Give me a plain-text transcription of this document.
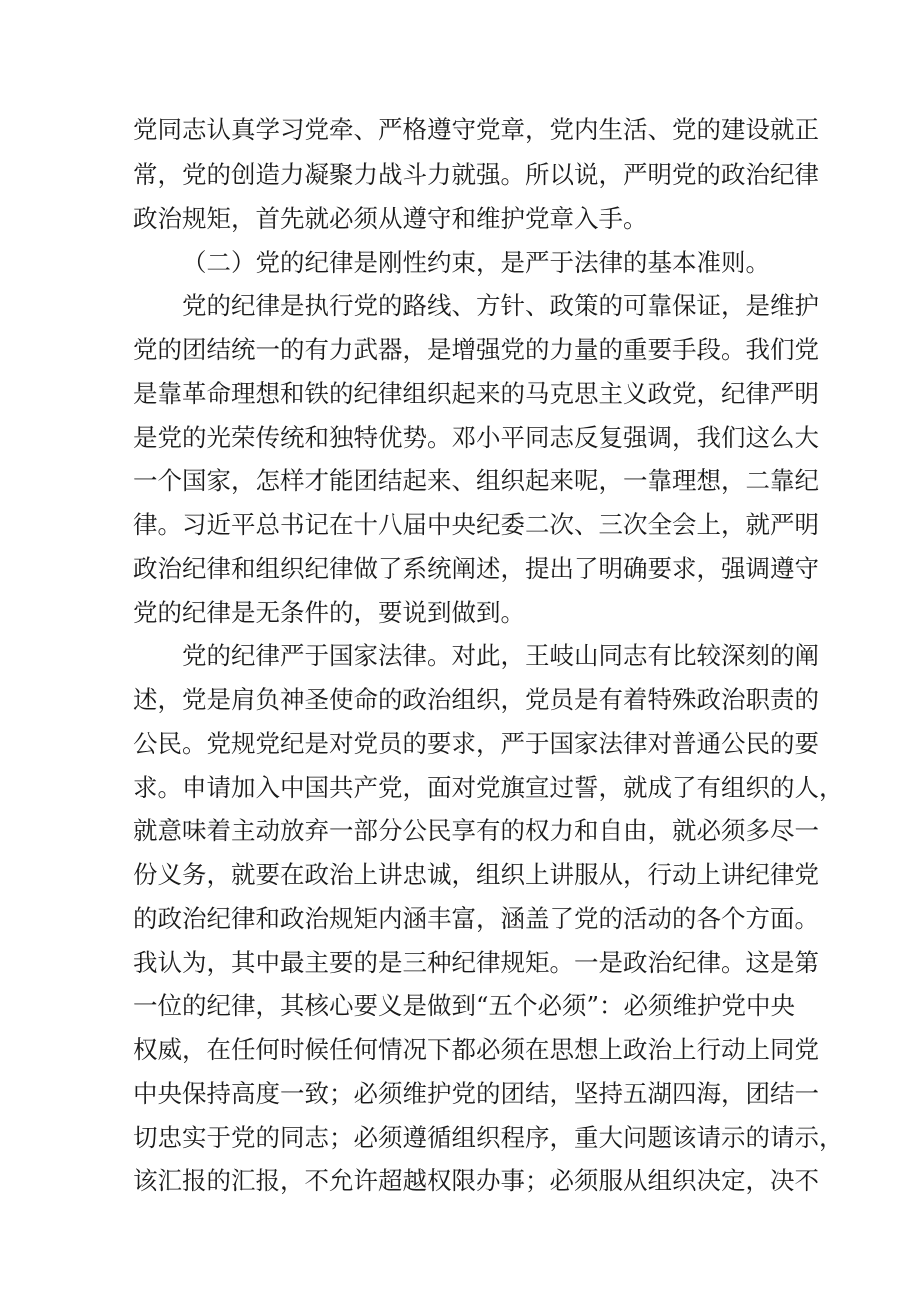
党同志认真学习党牵、严格遵守党章，党内生活、党的建设就正
常，党的创造力凝聚力战斗力就强。所以说，严明党的政治纪律
政治规矩，首先就必须从遵守和维护党章入手。
（二）党的纪律是刚性约束，是严于法律的基本准则。
党的纪律是执行党的路线、方针、政策的可靠保证，是维护
党的团结统一的有力武器，是增强党的力量的重要手段。我们党
是靠革命理想和铁的纪律组织起来的马克思主义政党，纪律严明
是党的光荣传统和独特优势。邓小平同志反复强调，我们这么大
一个国家，怎样才能团结起来、组织起来呢，一靠理想，二靠纪
律。习近平总书记在十八届中央纪委二次、三次全会上，就严明
政治纪律和组织纪律做了系统阐述，提出了明确要求，强调遵守
党的纪律是无条件的，要说到做到。
党的纪律严于国家法律。对此，王岐山同志有比较深刻的阐
述，党是肩负神圣使命的政治组织，党员是有着特殊政治职责的
公民。党规党纪是对党员的要求，严于国家法律对普通公民的要
求。申请加入中国共产党，面对党旗宣过誓，就成了有组织的人，
就意味着主动放弃一部分公民享有的权力和自由，就必须多尽一
份义务，就要在政治上讲忠诚，组织上讲服从，行动上讲纪律党
的政治纪律和政治规矩内涵丰富，涵盖了党的活动的各个方面。
我认为，其中最主要的是三种纪律规矩。一是政治纪律。这是第
一位的纪律，其核心要义是做到“五个必须”：必须维护党中央
权威，在任何时候任何情况下都必须在思想上政治上行动上同党
中央保持高度一致；必须维护党的团结，坚持五湖四海，团结一
切忠实于党的同志；必须遵循组织程序，重大问题该请示的请示，
该汇报的汇报，不允许超越权限办事；必须服从组织决定，决不
